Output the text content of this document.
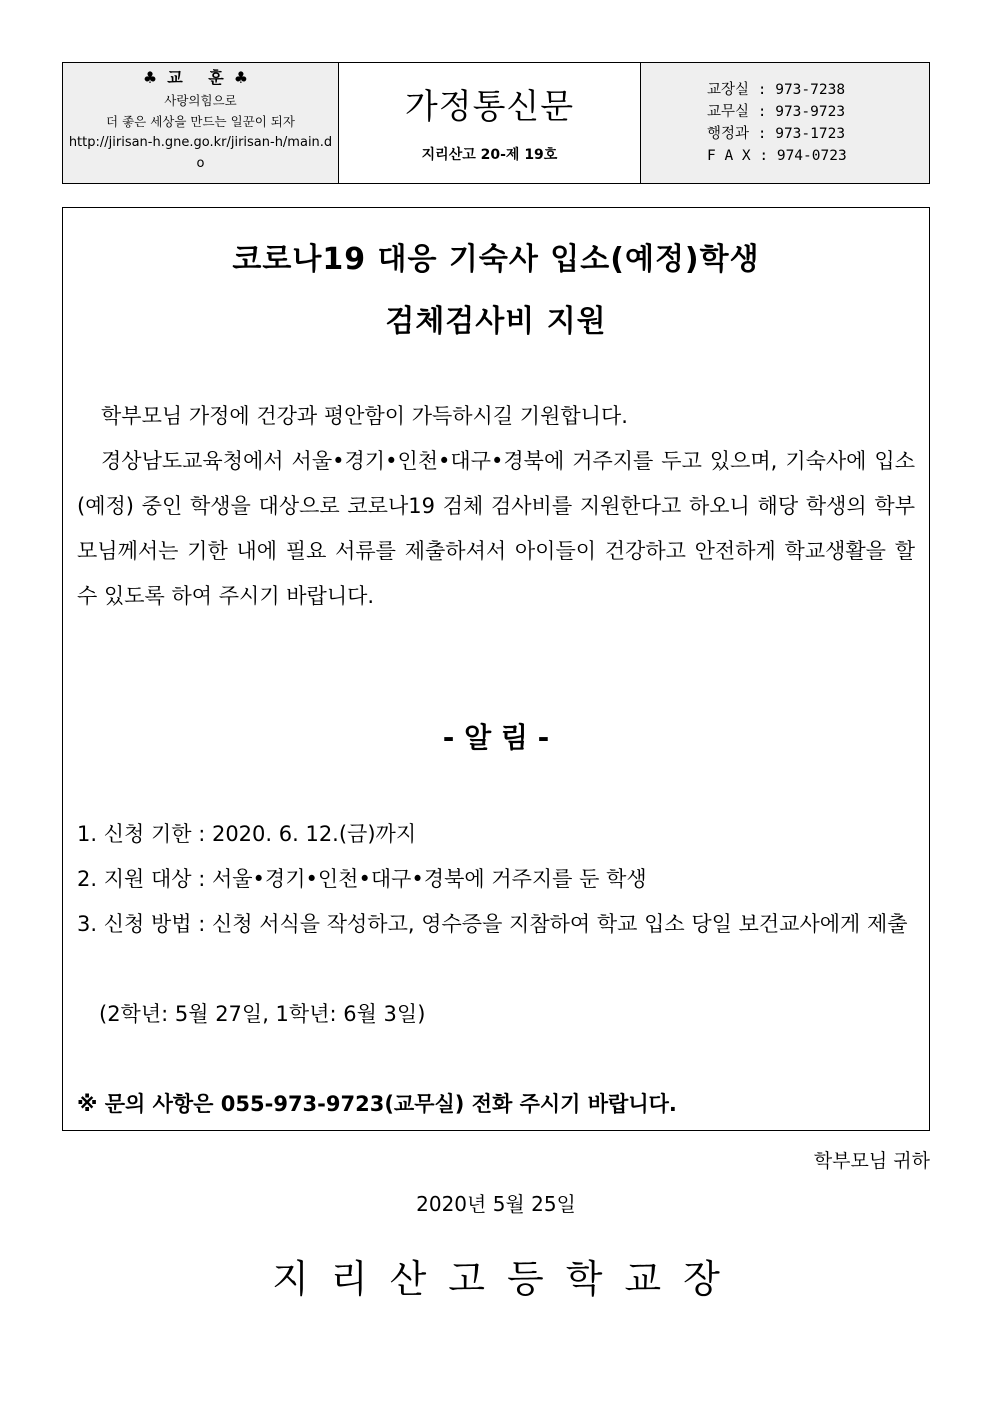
♣교 훈♣
사랑의힘으로
더 좋은 세상을 만드는 일꾼이 되자
http://jirisan-h.gne.go.kr/jirisan-h/main.do
가정통신문
지리산고 20-제 19호
교장실 : 973-7238
교무실 : 973-9723
행정과 : 973-1723
F A X : 974-0723
코로나19 대응 기숙사 입소(예정)학생
검체검사비 지원
학부모님 가정에 건강과 평안함이 가득하시길 기원합니다.
경상남도교육청에서 서울•경기•인천•대구•경북에 거주지를 두고 있으며, 기숙사에 입소(예정) 중인 학생을 대상으로 코로나19 검체 검사비를 지원한다고 하오니 해당 학생의 학부모님께서는 기한 내에 필요 서류를 제출하셔서 아이들이 건강하고 안전하게 학교생활을 할 수 있도록 하여 주시기 바랍니다.
- 알 림 -
1. 신청 기한 : 2020. 6. 12.(금)까지
2. 지원 대상 : 서울•경기•인천•대구•경북에 거주지를 둔 학생
3. 신청 방법 : 신청 서식을 작성하고, 영수증을 지참하여 학교 입소 당일 보건교사에게 제출
(2학년: 5월 27일, 1학년: 6월 3일)
※ 문의 사항은 055-973-9723(교무실) 전화 주시기 바랍니다.
학부모님 귀하
2020년 5월 25일
지리산고등학교장
